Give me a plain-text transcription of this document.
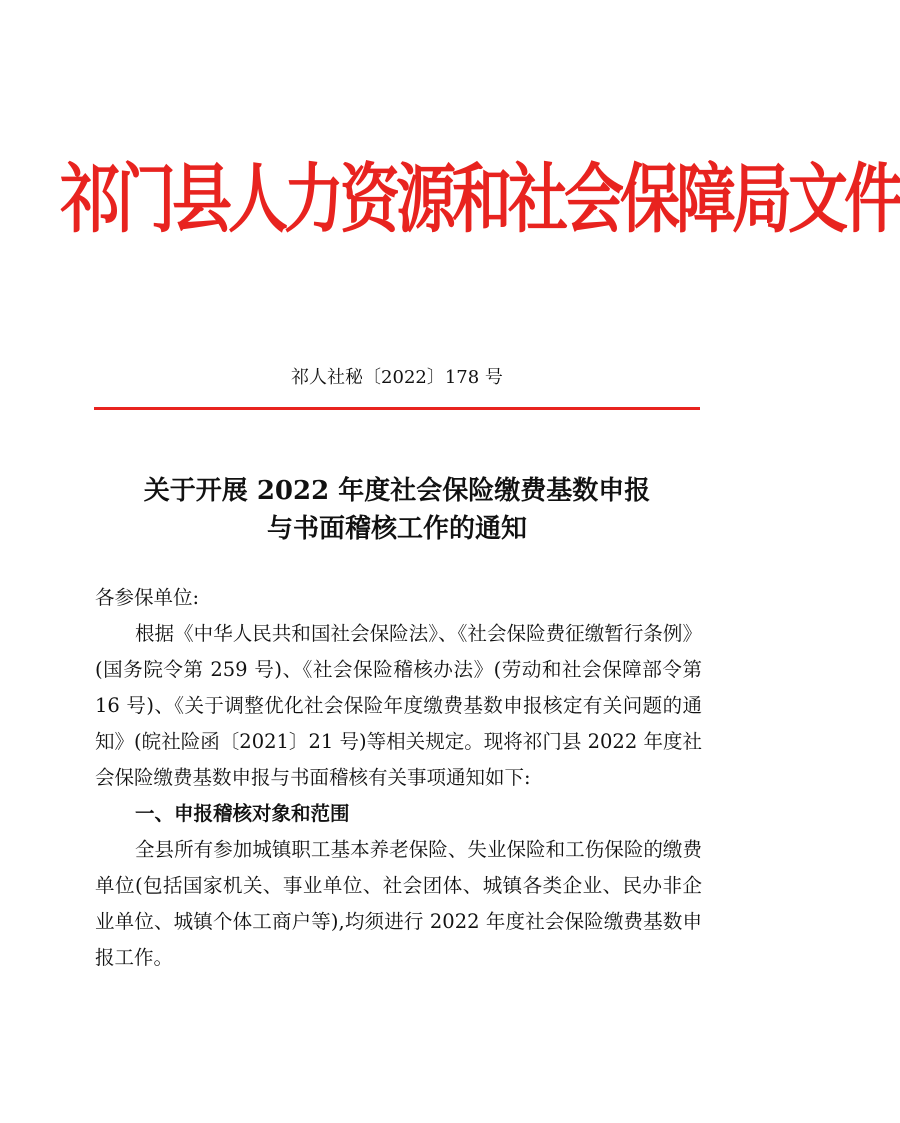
祁门县人力资源和社会保障局文件
祁人社秘〔2022〕178 号
关于开展 2022 年度社会保险缴费基数申报
与书面稽核工作的通知

各参保单位:

根据《中华人民共和国社会保险法》、《社会保险费征缴暂行条例》(国务院令第 259 号)、《社会保险稽核办法》(劳动和社会保障部令第 16 号)、《关于调整优化社会保险年度缴费基数申报核定有关问题的通知》(皖社险函〔2021〕21 号)等相关规定。现将祁门县 2022 年度社会保险缴费基数申报与书面稽核有关事项通知如下:

一、申报稽核对象和范围

全县所有参加城镇职工基本养老保险、失业保险和工伤保险的缴费单位(包括国家机关、事业单位、社会团体、城镇各类企业、民办非企业单位、城镇个体工商户等),均须进行 2022 年度社会保险缴费基数申报工作。
